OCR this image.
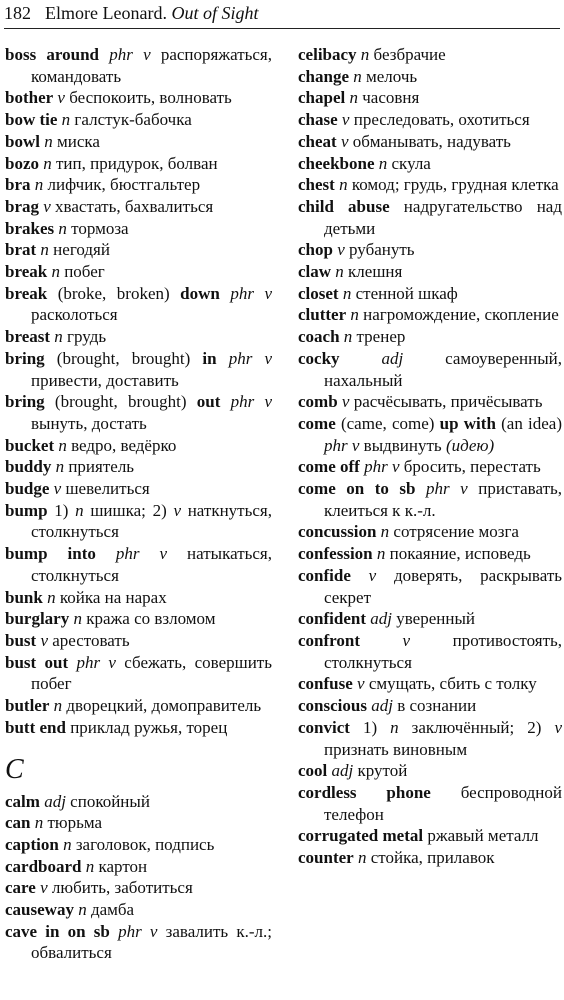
182 Elmore Leonard. Out of Sight

boss around phr v распоряжаться, командовать

bother v беспокоить, волновать

bow tie n галстук-бабочка

bowl n миска

bozo n тип, придурок, болван

bra n лифчик, бюстгальтер

brag v хвастать, бахвалиться

brakes n тормоза

brat n негодяй

break n побег

break (broke, broken) down phr v расколоться

breast n грудь

bring (brought, brought) in phr v привести, доставить

bring (brought, brought) out phr v вынуть, достать

bucket n ведро, ведёрко

buddy n приятель

budge v шевелиться

bump 1) n шишка; 2) v наткнуться, столкнуться

bump into phr v натыкаться, столкнуться

bunk n койка на нарах

burglary n кража со взломом

bust v арестовать

bust out phr v сбежать, совершить побег

butler n дворецкий, домоправитель

butt end приклад ружья, торец

C

calm adj спокойный

can n тюрьма

caption n заголовок, подпись

cardboard n картон

care v любить, заботиться

causeway n дамба

cave in on sb phr v завалить к.-л.; обвалиться

celibacy n безбрачие

change n мелочь

chapel n часовня

chase v преследовать, охотиться

cheat v обманывать, надувать

cheekbone n скула

chest n комод; грудь, грудная клетка

child abuse надругательство над детьми

chop v рубануть

claw n клешня

closet n стенной шкаф

clutter n нагромождение, скопление

coach n тренер

cocky adj самоуверенный, нахальный

comb v расчёсывать, причёсывать

come (came, come) up with (an idea) phr v выдвинуть (идею)

come off phr v бросить, перестать

come on to sb phr v приставать, клеиться к к.-л.

concussion n сотрясение мозга

confession n покаяние, исповедь

confide v доверять, раскрывать секрет

confident adj уверенный

confront	v	противостоять, столкнуться

confuse v смущать, сбить с толку

conscious adj в сознании

convict 1) n заключённый; 2) v признать виновным

cool adj крутой

cordless phone беспроводной телефон

corrugated metal ржавый металл

counter n стойка, прилавок
